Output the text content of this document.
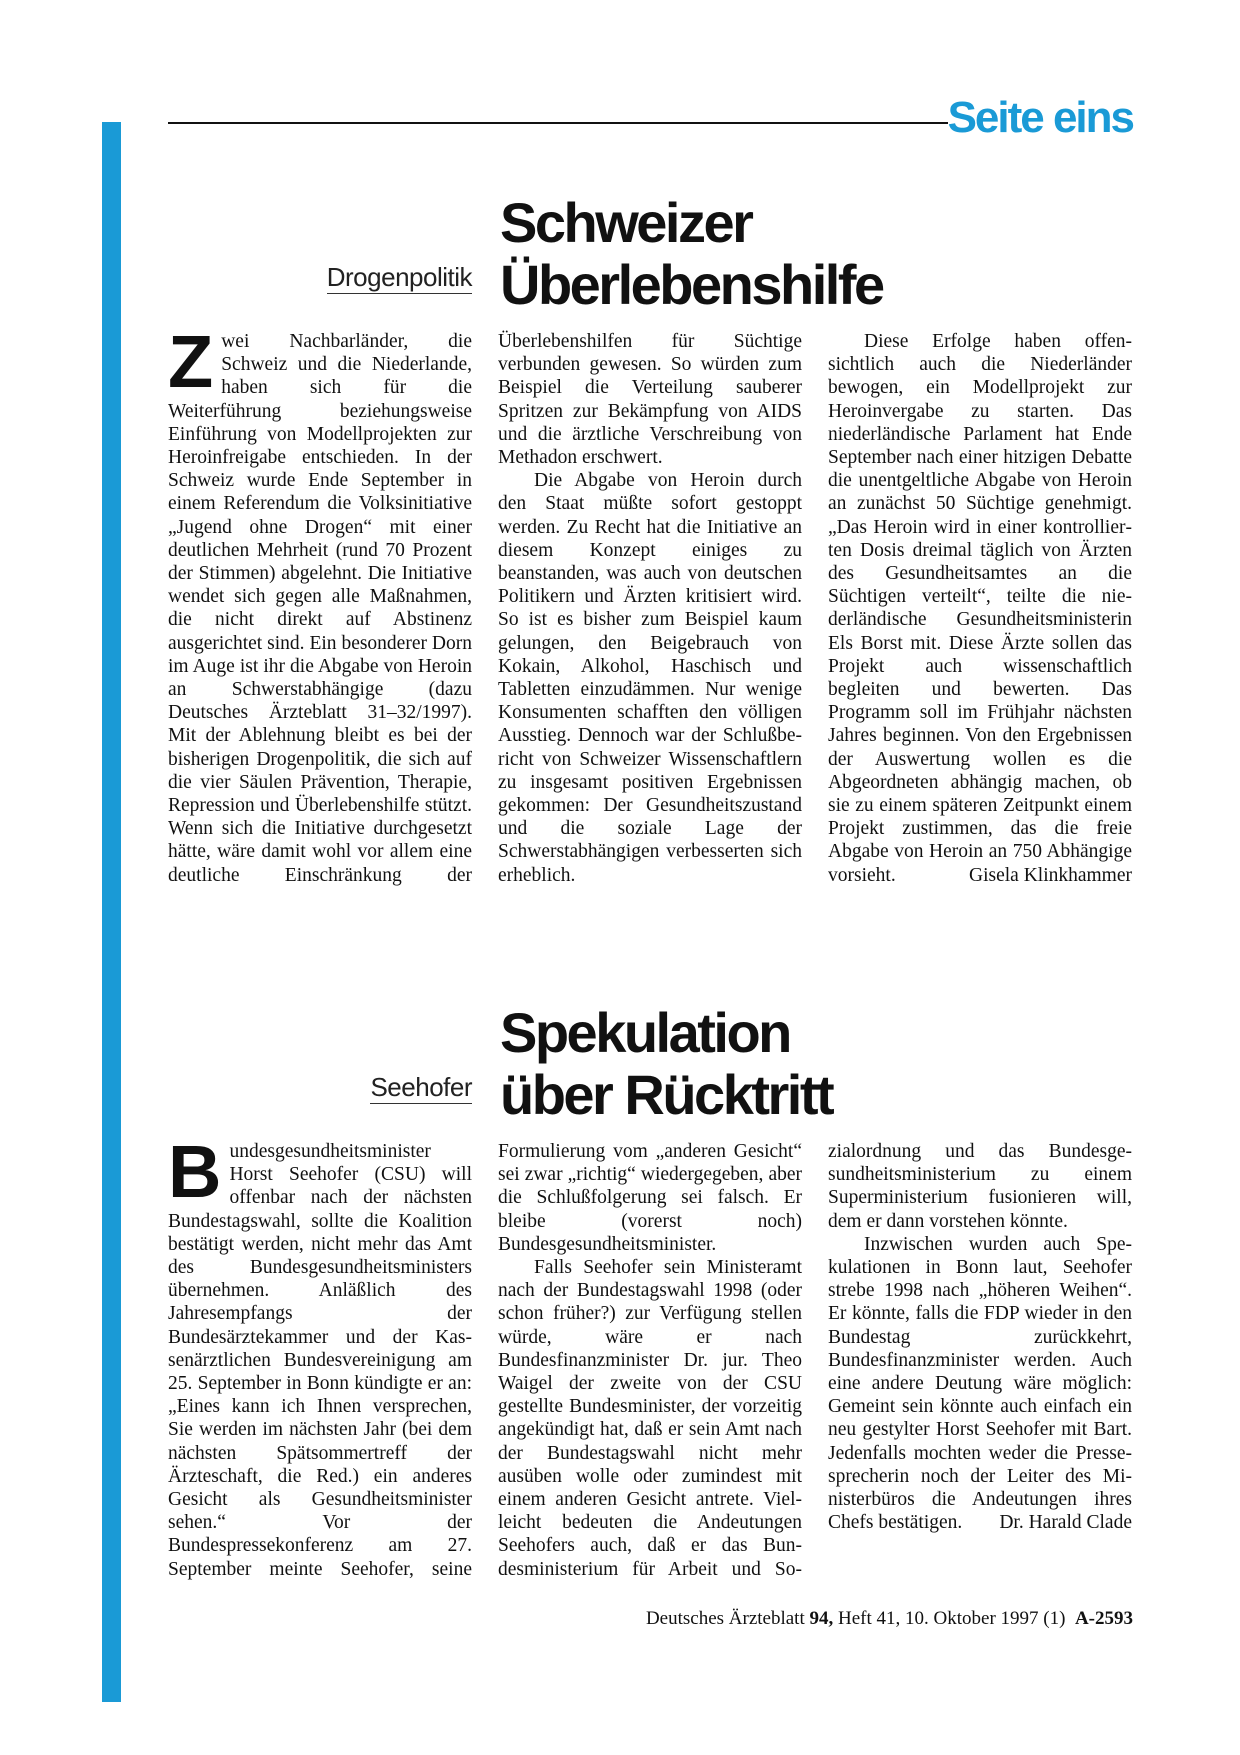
Seite eins
Drogenpolitik
Schweizer
Überlebenshilfe

Zwei Nachbarländer, die Schweiz und die Niederlande, haben sich für die Weiterführung beziehungsweise Einführung von Modellprojekten zur Heroinfreigabe entschieden. In der Schweiz wurde Ende September in einem Referendum die Volksinitiative „Jugend ohne Drogen“ mit einer deutlichen Mehrheit (rund 70 Prozent der Stimmen) abgelehnt. Die Initiative wendet sich gegen alle Maßnahmen, die nicht direkt auf Abstinenz ausgerichtet sind. Ein besonderer Dorn im Auge ist ihr die Abgabe von Heroin an Schwerstabhängige (dazu Deutsches Ärzteblatt 31–32/1997). Mit der Ablehnung bleibt es bei der bisherigen Drogenpolitik, die sich auf die vier Säulen Prävention, Therapie, Repression und Überlebenshilfe stützt. Wenn sich die Initiative durchgesetzt hätte, wäre damit wohl vor allem eine deutliche Einschränkung der Überlebenshilfen für Süchtige verbunden gewesen. So würden zum Beispiel die Verteilung sauberer Spritzen zur Bekämpfung von AIDS und die ärztliche Verschreibung von Methadon erschwert.

Die Abgabe von Heroin durch den Staat müßte sofort gestoppt werden. Zu Recht hat die Initiative an diesem Konzept einiges zu beanstanden, was auch von deutschen Politikern und Ärzten kritisiert wird. So ist es bisher zum Beispiel kaum gelungen, den Beigebrauch von Kokain, Alkohol, Haschisch und Tabletten einzudämmen. Nur wenige Konsumenten schafften den völligen Ausstieg. Dennoch war der Schlußbericht von Schweizer Wissenschaftlern zu insgesamt positiven Ergebnissen gekommen: Der Gesundheitszustand und die soziale Lage der Schwerstabhängigen verbesserten sich erheblich.

Diese Erfolge haben offensichtlich auch die Niederländer bewogen, ein Modellprojekt zur Heroinvergabe zu starten. Das niederländische Parlament hat Ende September nach einer hitzigen Debatte die unentgeltliche Abgabe von Heroin an zunächst 50 Süchtige genehmigt. „Das Heroin wird in einer kontrollierten Dosis dreimal täglich von Ärzten des Gesundheitsamtes an die Süchtigen verteilt“, teilte die niederländische Gesundheitsministerin Els Borst mit. Diese Ärzte sollen das Projekt auch wissenschaftlich begleiten und bewerten. Das Programm soll im Frühjahr nächsten Jahres beginnen. Von den Ergebnissen der Auswertung wollen es die Abgeordneten abhängig machen, ob sie zu einem späteren Zeitpunkt einem Projekt zustimmen, das die freie Abgabe von Heroin an 750 Abhängige vorsieht.	Gisela Klinkhammer

Seehofer
Spekulation
über Rücktritt

Bundesgesundheitsminister Horst Seehofer (CSU) will offenbar nach der nächsten Bundestagswahl, sollte die Koalition bestätigt werden, nicht mehr das Amt des Bundesgesundheitsministers übernehmen. Anläßlich des Jahresempfangs der Bundesärztekammer und der Kassenärztlichen Bundesvereinigung am 25. September in Bonn kündigte er an: „Eines kann ich Ihnen versprechen, Sie werden im nächsten Jahr (bei dem nächsten Spätsommertreff der Ärzteschaft, die Red.) ein anderes Gesicht als Gesundheitsminister sehen.“ Vor der Bundespressekonferenz am 27. September meinte Seehofer, seine Formulierung vom „anderen Gesicht“ sei zwar „richtig“ wiedergegeben, aber die Schlußfolgerung sei falsch. Er bleibe (vorerst noch) Bundesgesundheitsminister.

Falls Seehofer sein Ministeramt nach der Bundestagswahl 1998 (oder schon früher?) zur Verfügung stellen würde, wäre er nach Bundesfinanzminister Dr. jur. Theo Waigel der zweite von der CSU gestellte Bundesminister, der vorzeitig angekündigt hat, daß er sein Amt nach der Bundestagswahl nicht mehr ausüben wolle oder zumindest mit einem anderen Gesicht antrete. Vielleicht bedeuten die Andeutungen Seehofers auch, daß er das Bundesministerium für Arbeit und Sozialordnung und das Bundesgesundheitsministerium zu einem Superministerium fusionieren will, dem er dann vorstehen könnte.

Inzwischen wurden auch Spekulationen in Bonn laut, Seehofer strebe 1998 nach „höheren Weihen“. Er könnte, falls die FDP wieder in den Bundestag zurückkehrt, Bundesfinanzminister werden. Auch eine andere Deutung wäre möglich: Gemeint sein könnte auch einfach ein neu gestylter Horst Seehofer mit Bart. Jedenfalls mochten weder die Pressesprecherin noch der Leiter des Ministerbüros die Andeutungen ihres Chefs bestätigen.	Dr. Harald Clade

Deutsches Ärzteblatt 94, Heft 41, 10. Oktober 1997 (1) A-2593
